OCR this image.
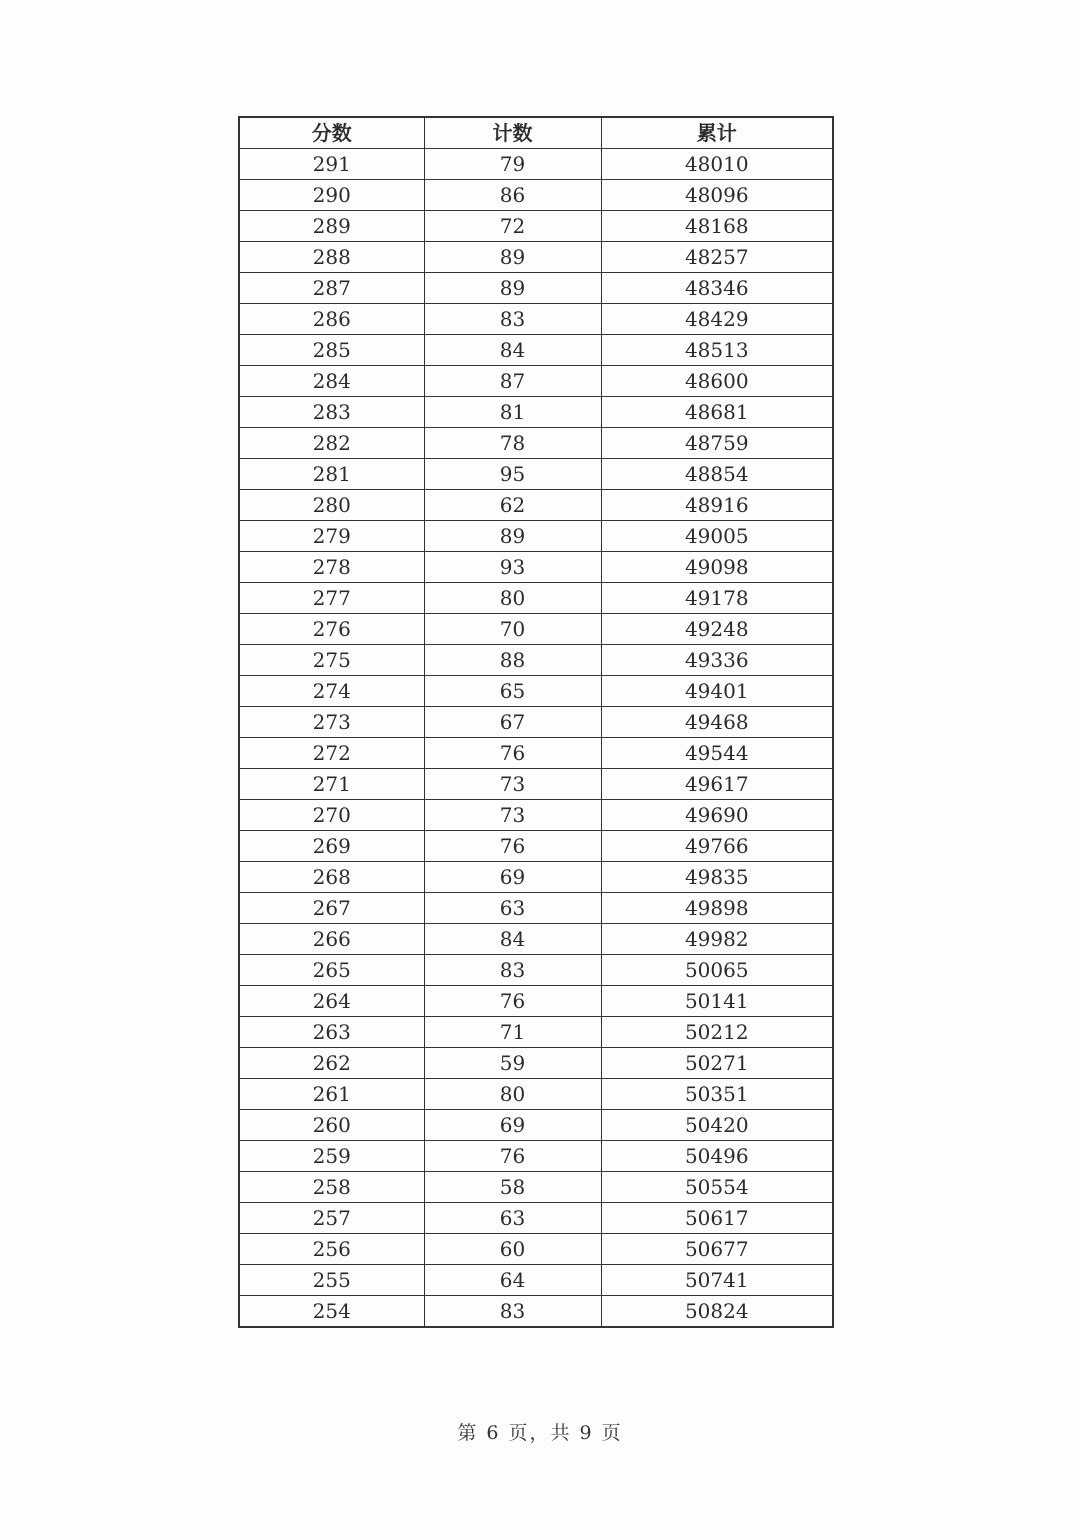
分数	计数	累计
291	79	48010
290	86	48096
289	72	48168
288	89	48257
287	89	48346
286	83	48429
285	84	48513
284	87	48600
283	81	48681
282	78	48759
281	95	48854
280	62	48916
279	89	49005
278	93	49098
277	80	49178
276	70	49248
275	88	49336
274	65	49401
273	67	49468
272	76	49544
271	73	49617
270	73	49690
269	76	49766
268	69	49835
267	63	49898
266	84	49982
265	83	50065
264	76	50141
263	71	50212
262	59	50271
261	80	50351
260	69	50420
259	76	50496
258	58	50554
257	63	50617
256	60	50677
255	64	50741
254	83	50824
第 6 页，共 9 页
